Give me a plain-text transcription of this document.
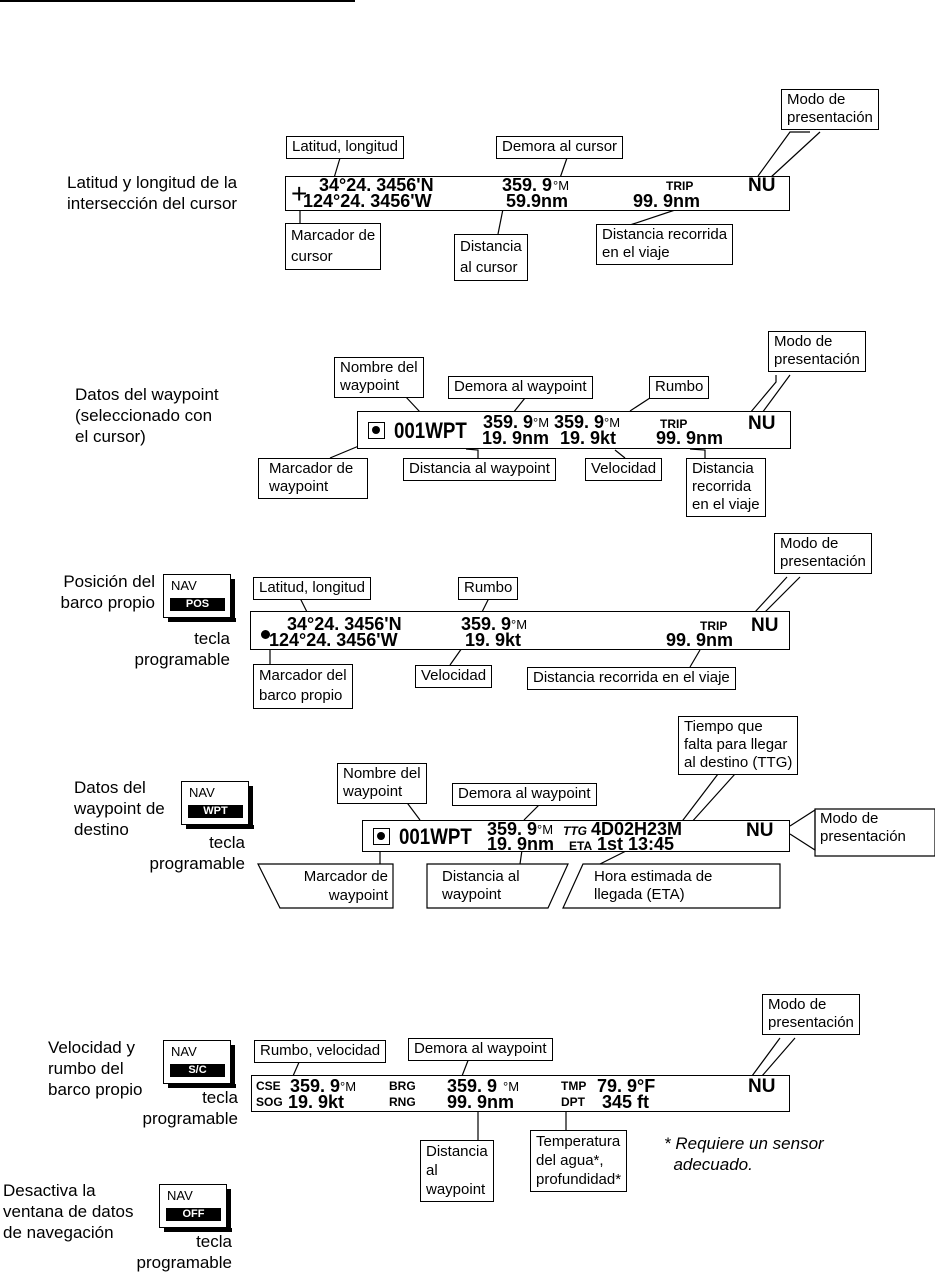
Latitud y longitud de la
intersección del cursor
Modo de
presentación
Latitud, longitud	Demora al cursor
+ 34°24. 3456'N
124°24. 3456'W
359. 9 °M
59.9nm
TRIP
99. 9nm
NU
Marcador de
cursor
Distancia
al cursor
Distancia recorrida
en el viaje
Datos del waypoint
(seleccionado con
el cursor)
Modo de
presentación
Nombre del
waypoint	Demora al waypoint	Rumbo
001WPT 359. 9 °M 359. 9 °M
19. 9nm 19. 9kt
TRIP
99. 9nm
NU
Marcador de
waypoint
Distancia al waypoint	Velocidad	Distancia
recorrida
en el viaje
Posición del
barco propio
NAV
POS
tecla
programable
Modo de
presentación
Latitud, longitud	Rumbo
34°24. 3456'N
124°24. 3456'W
359. 9 °M
19. 9kt
TRIP
99. 9nm
NU
Marcador del
barco propio
Velocidad	Distancia recorrida en el viaje
Datos del
waypoint de
destino
NAV
WPT
tecla
programable
Tiempo que
falta para llegar
al destino (TTG)
Nombre del
waypoint	Demora al waypoint
001WPT 359. 9 °M TTG 4D02H23M
19. 9nm ETA 1st 13:45
NU
Modo de
presentación
Marcador de
waypoint
Distancia al
waypoint
Hora estimada de
llegada (ETA)
Velocidad y
rumbo del
barco propio
NAV
S/C
tecla
programable
Modo de
presentación
Rumbo, velocidad	Demora al waypoint
CSE 359. 9 °M
SOG 19. 9kt
BRG 359. 9 °M
RNG 99. 9nm
TMP 79. 9°F
DPT 345 ft
NU
Distancia
al
waypoint
Temperatura
del agua*,
profundidad*
* Requiere un sensor
adecuado.
Desactiva la
ventana de datos
de navegación
NAV
OFF
tecla
programable
